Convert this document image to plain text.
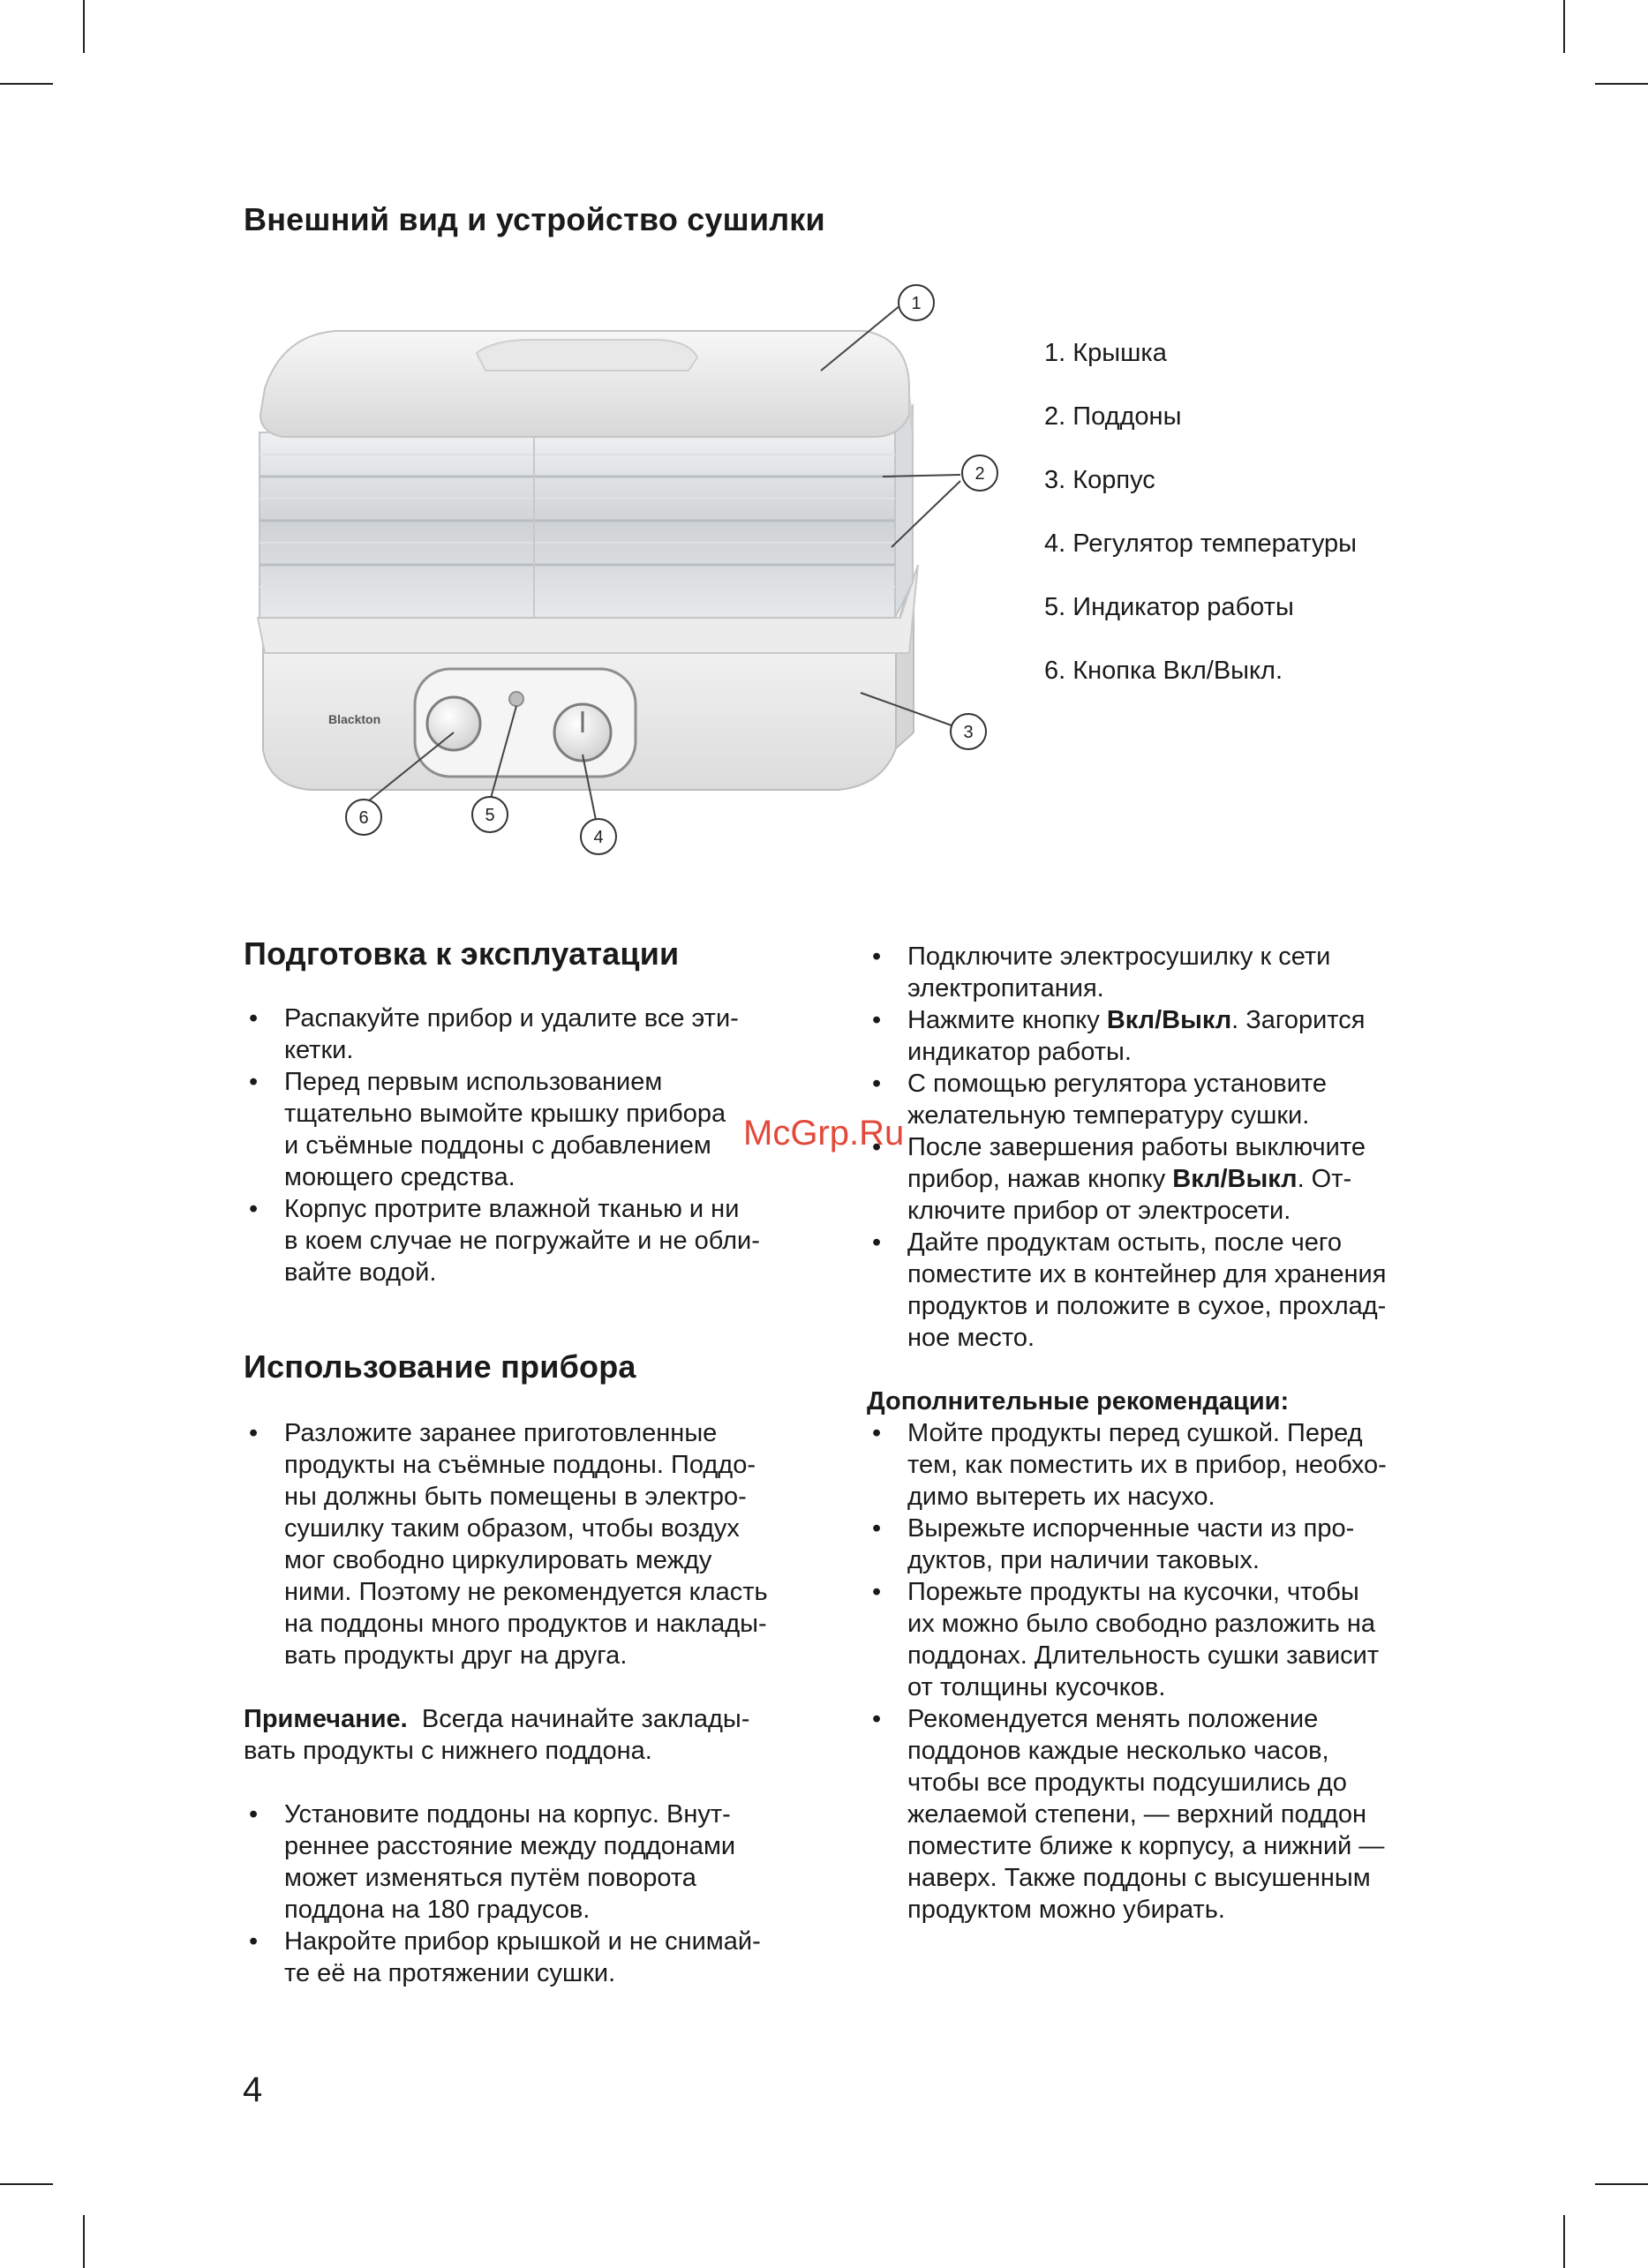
Внешний вид и устройство сушилки
Blackton
1
2
3
4
5
6
1. Крышка
2. Поддоны
3. Корпус
4. Регулятор температуры
5. Индикатор работы
6. Кнопка Вкл/Выкл.
Подготовка к эксплуатации
• Распакуйте прибор и удалите все эти-
кетки.
• Перед первым использованием
тщательно вымойте крышку прибора
и съёмные поддоны с добавлением
моющего средства.
• Корпус протрите влажной тканью и ни
в коем случае не погружайте и не обли-
вайте водой.
Использование прибора
• Разложите заранее приготовленные
продукты на съёмные поддоны. Поддо-
ны должны быть помещены в электро-
сушилку таким образом, чтобы воздух
мог свободно циркулировать между
ними. Поэтому не рекомендуется класть
на поддоны много продуктов и наклады-
вать продукты друг на друга.

Примечание. Всегда начинайте заклады-
вать продукты с нижнего поддона.

• Установите поддоны на корпус. Внут-
реннее расстояние между поддонами
может изменяться путём поворота
поддона на 180 градусов.
• Накройте прибор крышкой и не снимай-
те её на протяжении сушки.
• Подключите электросушилку к сети
электропитания.
• Нажмите кнопку Вкл/Выкл. Загорится
индикатор работы.
• С помощью регулятора установите
желательную температуру сушки.
• После завершения работы выключите
прибор, нажав кнопку Вкл/Выкл. От-
ключите прибор от электросети.
• Дайте продуктам остыть, после чего
поместите их в контейнер для хранения
продуктов и положите в сухое, прохлад-
ное место.

Дополнительные рекомендации:

• Мойте продукты перед сушкой. Перед
тем, как поместить их в прибор, необхо-
димо вытереть их насухо.
• Вырежьте испорченные части из про-
дуктов, при наличии таковых.
• Порежьте продукты на кусочки, чтобы
их можно было свободно разложить на
поддонах. Длительность сушки зависит
от толщины кусочков.
• Рекомендуется менять положение
поддонов каждые несколько часов,
чтобы все продукты подсушились до
желаемой степени, — верхний поддон
поместите ближе к корпусу, а нижний —
наверх. Также поддоны с высушенным
продуктом можно убирать.
McGrp.Ru
4
